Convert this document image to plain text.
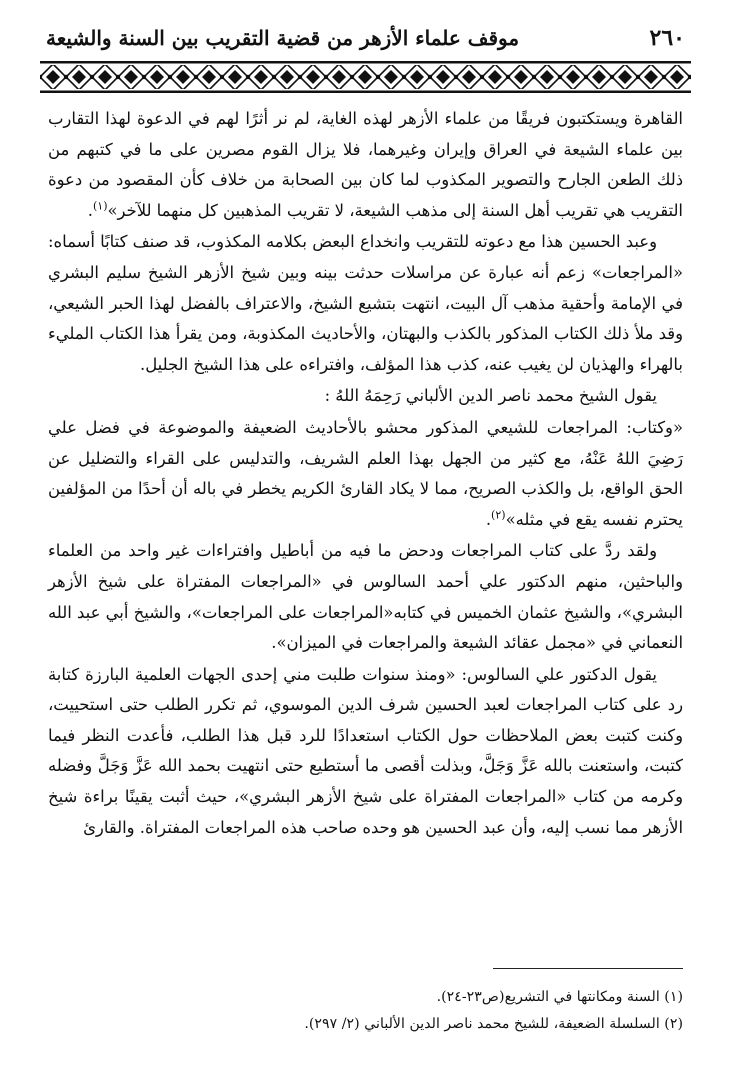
٢٦٠
موقف علماء الأزهر من قضية التقريب بين السنة والشيعة

القاهرة ويستكتبون فريقًا من علماء الأزهر لهذه الغاية، لم نر أثرًا لهم في الدعوة لهذا التقارب بين علماء الشيعة في العراق وإيران وغيرهما، فلا يزال القوم مصرين على ما في كتبهم من ذلك الطعن الجارح والتصوير المكذوب لما كان بين الصحابة من خلاف كأن المقصود من دعوة التقريب هي تقريب أهل السنة إلى مذهب الشيعة، لا تقريب المذهبين كل منهما للآخر»$^{(١)}$.

وعبد الحسين هذا مع دعوته للتقريب وانخداع البعض بكلامه المكذوب، قد صنف كتابًا أسماه: «المراجعات» زعم أنه عبارة عن مراسلات حدثت بينه وبين شيخ الأزهر الشيخ سليم البشري في الإمامة وأحقية مذهب آل البيت، انتهت بتشيع الشيخ، والاعتراف بالفضل لهذا الحبر الشيعي، وقد ملأ ذلك الكتاب المذكور بالكذب والبهتان، والأحاديث المكذوبة، ومن يقرأ هذا الكتاب المليء بالهراء والهذيان لن يغيب عنه، كذب هذا المؤلف، وافتراءه على هذا الشيخ الجليل.

يقول الشيخ محمد ناصر الدين الألباني رَحِمَهُ اللهُ :

«وكتاب: المراجعات للشيعي المذكور محشو بالأحاديث الضعيفة والموضوعة في فضل علي رَضِيَ اللهُ عَنْهُ، مع كثير من الجهل بهذا العلم الشريف، والتدليس على القراء والتضليل عن الحق الواقع، بل والكذب الصريح، مما لا يكاد القارئ الكريم يخطر في باله أن أحدًا من المؤلفين يحترم نفسه يقع في مثله»$^{(٢)}$.

ولقد ردَّ على كتاب المراجعات ودحض ما فيه من أباطيل وافتراءات غير واحد من العلماء والباحثين، منهم الدكتور علي أحمد السالوس في «المراجعات المفتراة على شيخ الأزهر البشري»، والشيخ عثمان الخميس في كتابه«المراجعات على المراجعات»، والشيخ أبي عبد الله النعماني في «مجمل عقائد الشيعة والمراجعات في الميزان».

يقول الدكتور علي السالوس: «ومنذ سنوات طلبت مني إحدى الجهات العلمية البارزة كتابة رد على كتاب المراجعات لعبد الحسين شرف الدين الموسوي، ثم تكرر الطلب حتى استحييت، وكنت كتبت بعض الملاحظات حول الكتاب استعدادًا للرد قبل هذا الطلب، فأعدت النظر فيما كتبت، واستعنت بالله عَزَّ وَجَلَّ، وبذلت أقصى ما أستطيع حتى انتهيت بحمد الله عَزَّ وَجَلَّ وفضله وكرمه من كتاب «المراجعات المفتراة على شيخ الأزهر البشري»، حيث أثبت يقينًا براءة شيخ الأزهر مما نسب إليه، وأن عبد الحسين هو وحده صاحب هذه المراجعات المفتراة. والقارئ

(١) السنة ومكانتها في التشريع(ص٢٣-٢٤).
(٢) السلسلة الضعيفة، للشيخ محمد ناصر الدين الألباني (٢/ ٢٩٧).
